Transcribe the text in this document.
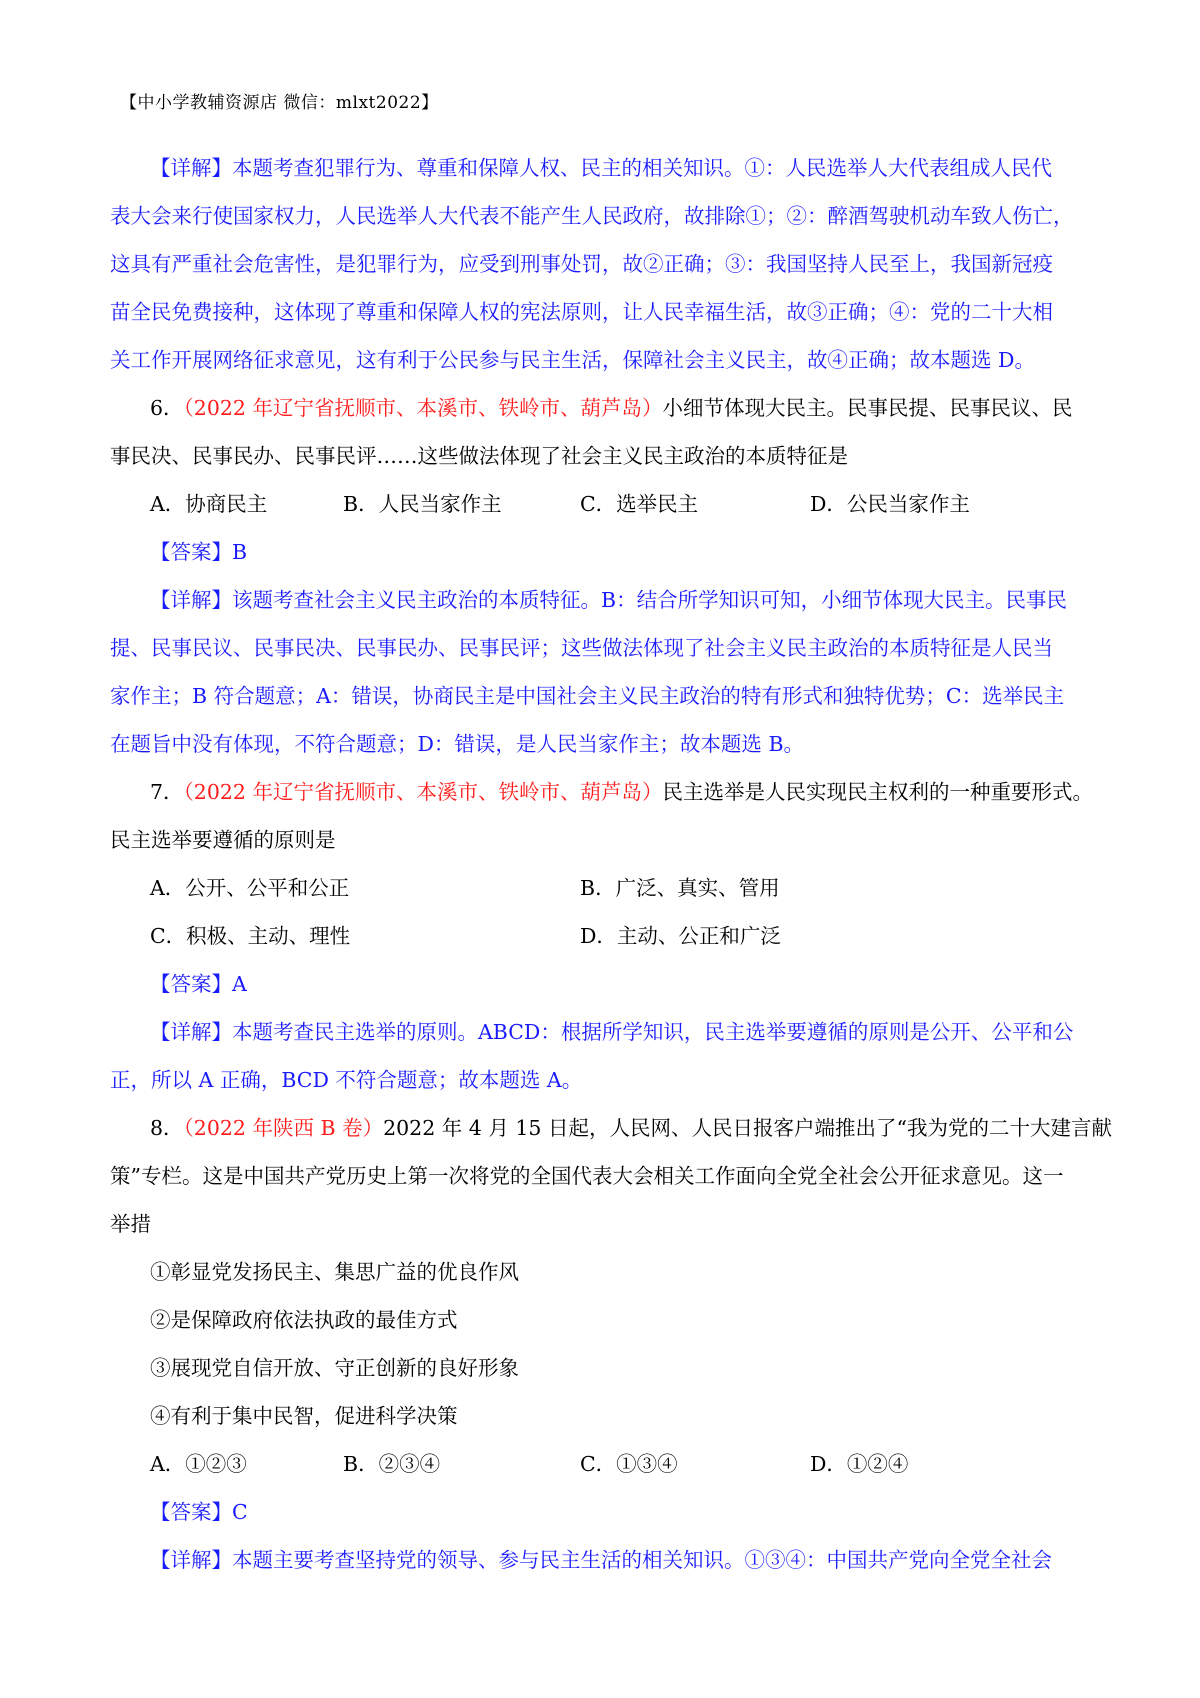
【中小学教辅资源店 微信：mlxt2022】
【详解】本题考查犯罪行为、尊重和保障人权、民主的相关知识。①：人民选举人大代表组成人民代
表大会来行使国家权力，人民选举人大代表不能产生人民政府，故排除①；②：醉酒驾驶机动车致人伤亡，
这具有严重社会危害性，是犯罪行为，应受到刑事处罚，故②正确；③：我国坚持人民至上，我国新冠疫
苗全民免费接种，这体现了尊重和保障人权的宪法原则，让人民幸福生活，故③正确；④：党的二十大相
关工作开展网络征求意见，这有利于公民参与民主生活，保障社会主义民主，故④正确；故本题选 D。
6．（2022 年辽宁省抚顺市、本溪市、铁岭市、葫芦岛）小细节体现大民主。民事民提、民事民议、民
事民决、民事民办、民事民评……这些做法体现了社会主义民主政治的本质特征是
A．协商民主	B．人民当家作主	C．选举民主	D．公民当家作主
【答案】B
【详解】该题考查社会主义民主政治的本质特征。B：结合所学知识可知，小细节体现大民主。民事民
提、民事民议、民事民决、民事民办、民事民评；这些做法体现了社会主义民主政治的本质特征是人民当
家作主；B 符合题意；A：错误，协商民主是中国社会主义民主政治的特有形式和独特优势；C：选举民主
在题旨中没有体现，不符合题意；D：错误，是人民当家作主；故本题选 B。
7．（2022 年辽宁省抚顺市、本溪市、铁岭市、葫芦岛）民主选举是人民实现民主权利的一种重要形式。
民主选举要遵循的原则是
A．公开、公平和公正	B．广泛、真实、管用
C．积极、主动、理性	D．主动、公正和广泛
【答案】A
【详解】本题考查民主选举的原则。ABCD：根据所学知识，民主选举要遵循的原则是公开、公平和公
正，所以 A 正确，BCD 不符合题意；故本题选 A。
8．（2022 年陕西 B 卷）2022 年 4 月 15 日起，人民网、人民日报客户端推出了“我为党的二十大建言献
策”专栏。这是中国共产党历史上第一次将党的全国代表大会相关工作面向全党全社会公开征求意见。这一
举措
①彰显党发扬民主、集思广益的优良作风
②是保障政府依法执政的最佳方式
③展现党自信开放、守正创新的良好形象
④有利于集中民智，促进科学决策
A．①②③	B．②③④	C．①③④	D．①②④
【答案】C
【详解】本题主要考查坚持党的领导、参与民主生活的相关知识。①③④：中国共产党向全党全社会
